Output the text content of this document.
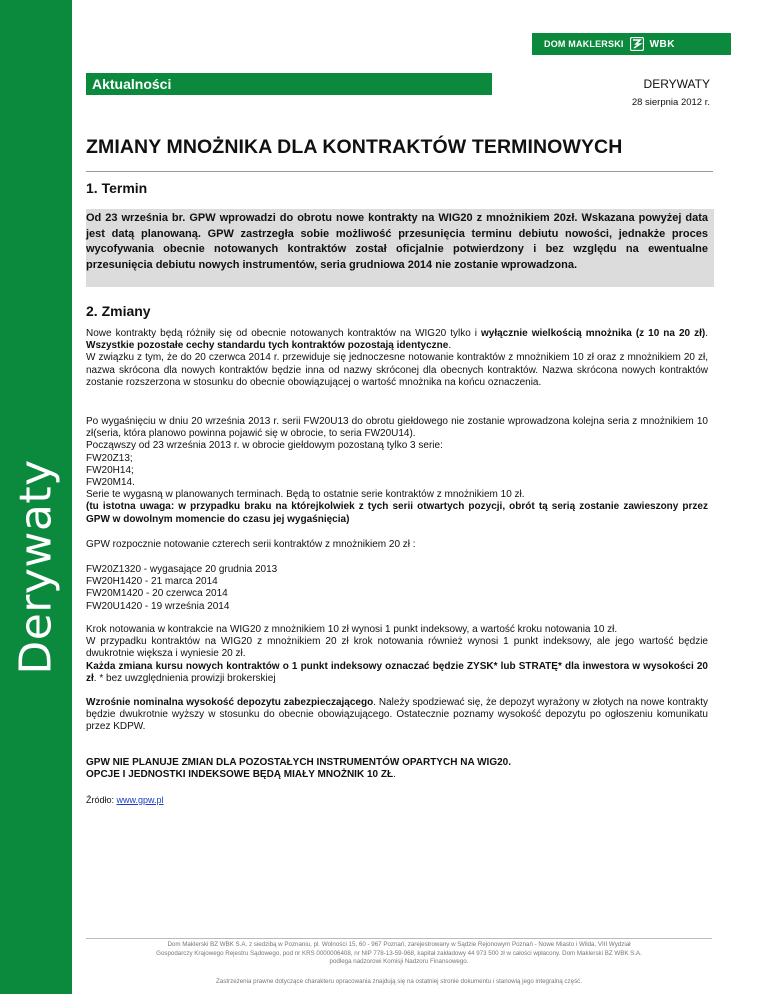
Derywaty
DOM MAKLERSKI	WBK
Aktualności	DERYWATY
28 sierpnia 2012 r.
ZMIANY MNOŻNIKA DLA KONTRAKTÓW TERMINOWYCH
1. Termin
Od 23 września br. GPW wprowadzi do obrotu nowe kontrakty na WIG20 z mnożnikiem 20zł. Wskazana powyżej data jest datą planowaną. GPW zastrzegła sobie możliwość przesunięcia terminu debiutu nowości, jednakże proces wycofywania obecnie notowanych kontraktów został oficjalnie potwierdzony i bez względu na ewentualne przesunięcia debiutu nowych instrumentów, seria grudniowa 2014 nie zostanie wprowadzona.
2. Zmiany
Nowe kontrakty będą różniły się od obecnie notowanych kontraktów na WIG20 tylko i wyłącznie wielkością mnożnika (z 10 na 20 zł). Wszystkie pozostałe cechy standardu tych kontraktów pozostają identyczne.
W związku z tym, że do 20 czerwca 2014 r. przewiduje się jednoczesne notowanie kontraktów z mnożnikiem 10 zł oraz z mnożnikiem 20 zł, nazwa skrócona dla nowych kontraktów będzie inna od nazwy skróconej dla obecnych kontraktów. Nazwa skrócona nowych kontraktów zostanie rozszerzona w stosunku do obecnie obowiązującej o wartość mnożnika na końcu oznaczenia.
Po wygaśnięciu w dniu 20 września 2013 r. serii FW20U13 do obrotu giełdowego nie zostanie wprowadzona kolejna seria z mnożnikiem 10 zł(seria, która planowo powinna pojawić się w obrocie, to seria FW20U14).
Począwszy od 23 września 2013 r. w obrocie giełdowym pozostaną tylko 3 serie:
FW20Z13;
FW20H14;
FW20M14.
Serie te wygasną w planowanych terminach. Będą to ostatnie serie kontraktów z mnożnikiem 10 zł.
(tu istotna uwaga: w przypadku braku na którejkolwiek z tych serii otwartych pozycji, obrót tą serią zostanie zawieszony przez GPW w dowolnym momencie do czasu jej wygaśnięcia)
GPW rozpocznie notowanie czterech serii kontraktów z mnożnikiem 20 zł :
FW20Z1320 - wygasające 20 grudnia 2013
FW20H1420 - 21 marca 2014
FW20M1420 - 20 czerwca 2014
FW20U1420 - 19 września 2014
Krok notowania w kontrakcie na WIG20 z mnożnikiem 10 zł wynosi 1 punkt indeksowy, a wartość kroku notowania 10 zł.
W przypadku kontraktów na WIG20 z mnożnikiem 20 zł krok notowania również wynosi 1 punkt indeksowy, ale jego wartość będzie dwukrotnie większa i wyniesie 20 zł.
Każda zmiana kursu nowych kontraktów o 1 punkt indeksowy oznaczać będzie ZYSK* lub STRATĘ* dla inwestora w wysokości 20 zł. * bez uwzględnienia prowizji brokerskiej
Wzrośnie nominalna wysokość depozytu zabezpieczającego. Należy spodziewać się, że depozyt wyrażony w złotych na nowe kontrakty będzie dwukrotnie wyższy w stosunku do obecnie obowiązującego. Ostatecznie poznamy wysokość depozytu po ogłoszeniu komunikatu przez KDPW.
GPW NIE PLANUJE ZMIAN DLA POZOSTAŁYCH INSTRUMENTÓW OPARTYCH NA WIG20.
OPCJE I JEDNOSTKI INDEKSOWE BĘDĄ MIAŁY MNOŻNIK 10 ZŁ.
Źródło: www.gpw.pl
Dom Maklerski BZ WBK S.A. z siedzibą w Poznaniu, pl. Wolności 15, 60 - 967 Poznań, zarejestrowany w Sądzie Rejonowym Poznań - Nowe Miasto i Wilda, VIII Wydział
Gospodarczy Krajowego Rejestru Sądowego, pod nr KRS 0000006408, nr NIP 778-13-59-968, kapitał zakładowy 44 973 500 zł w całości wpłacony. Dom Maklerski BZ WBK S.A.
podlega nadzorowi Komisji Nadzoru Finansowego.
Zastrzeżenia prawne dotyczące charakteru opracowania znajdują się na ostatniej stronie dokumentu i stanowią jego integralną część.
